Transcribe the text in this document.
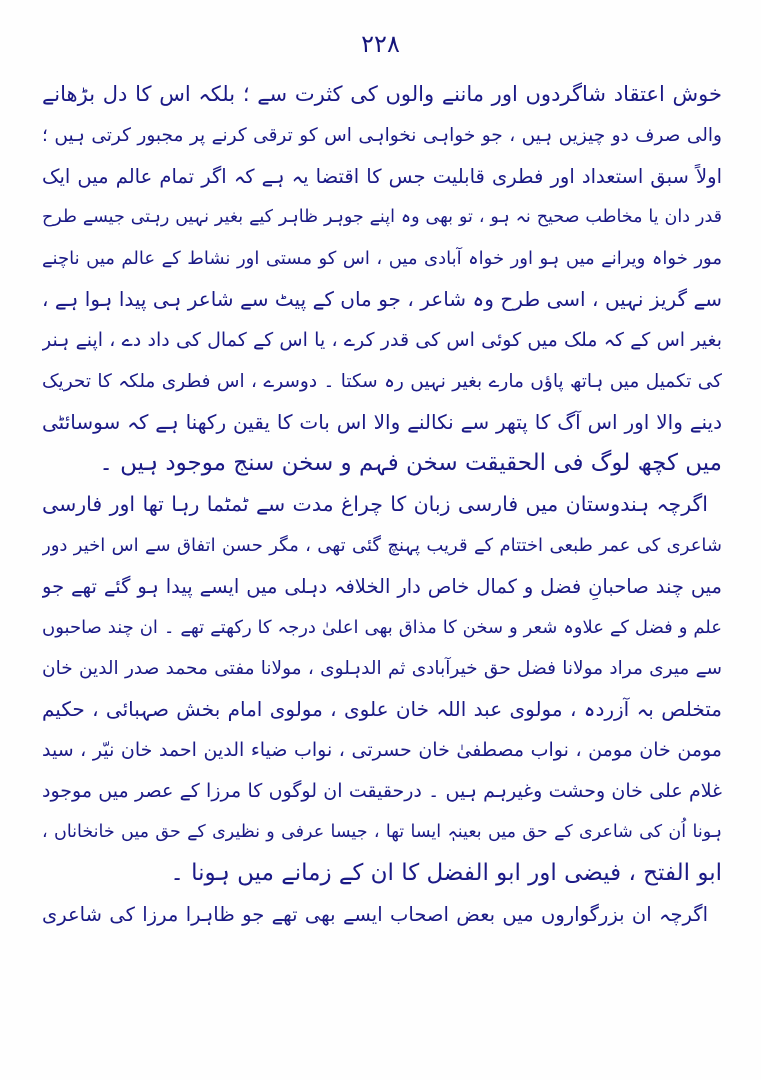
۲۲۸
خوش اعتقاد شاگردوں اور ماننے والوں کی کثرت سے ؛ بلکہ اس کا دل بڑھانے
والی صرف دو چیزیں ہیں ، جو خواہی نخواہی اس کو ترقی کرنے پر مجبور کرتی ہیں ؛
اولاً سبق استعداد اور فطری قابلیت جس کا اقتضا یہ ہے کہ اگر تمام عالم میں ایک
قدر دان یا مخاطب صحیح نہ ہو ، تو بھی وہ اپنے جوہر ظاہر کیے بغیر نہیں رہتی جیسے طرح
مور خواہ ویرانے میں ہو اور خواہ آبادی میں ، اس کو مستی اور نشاط کے عالم میں ناچنے
سے گریز نہیں ، اسی طرح وہ شاعر ، جو ماں کے پیٹ سے شاعر ہی پیدا ہوا ہے ،
بغیر اس کے کہ ملک میں کوئی اس کی قدر کرے ، یا اس کے کمال کی داد دے ، اپنے ہنر
کی تکمیل میں ہاتھ پاؤں مارے بغیر نہیں رہ سکتا ۔ دوسرے ، اس فطری ملکہ کا تحریک
دینے والا اور اس آگ کا پتھر سے نکالنے والا اس بات کا یقین رکھنا ہے کہ سوسائٹی
میں کچھ لوگ فی الحقیقت سخن فہم و سخن سنج موجود ہیں ۔
اگرچہ ہندوستان میں فارسی زبان کا چراغ مدت سے ٹمٹما رہا تھا اور فارسی
شاعری کی عمر طبعی اختتام کے قریب پہنچ گئی تھی ، مگر حسن اتفاق سے اس اخیر دور
میں چند صاحبانِ فضل و کمال خاص دار الخلافہ دہلی میں ایسے پیدا ہو گئے تھے جو
علم و فضل کے علاوہ شعر و سخن کا مذاق بھی اعلیٰ درجہ کا رکھتے تھے ۔ ان چند صاحبوں
سے میری مراد مولانا فضل حق خیرآبادی ثم الدہلوی ، مولانا مفتی محمد صدر الدین خان
متخلص بہ آزردہ ، مولوی عبد اللہ خان علوی ، مولوی امام بخش صہبائی ، حکیم
مومن خان مومن ، نواب مصطفیٰ خان حسرتی ، نواب ضیاء الدین احمد خان نیّر ، سید
غلام علی خان وحشت وغیرہم ہیں ۔ درحقیقت ان لوگوں کا مرزا کے عصر میں موجود
ہونا اُن کی شاعری کے حق میں بعینہٖ ایسا تھا ، جیسا عرفی و نظیری کے حق میں خانخاناں ،
ابو الفتح ، فیضی اور ابو الفضل کا ان کے زمانے میں ہونا ۔
اگرچہ ان بزرگواروں میں بعض اصحاب ایسے بھی تھے جو ظاہرا مرزا کی شاعری
